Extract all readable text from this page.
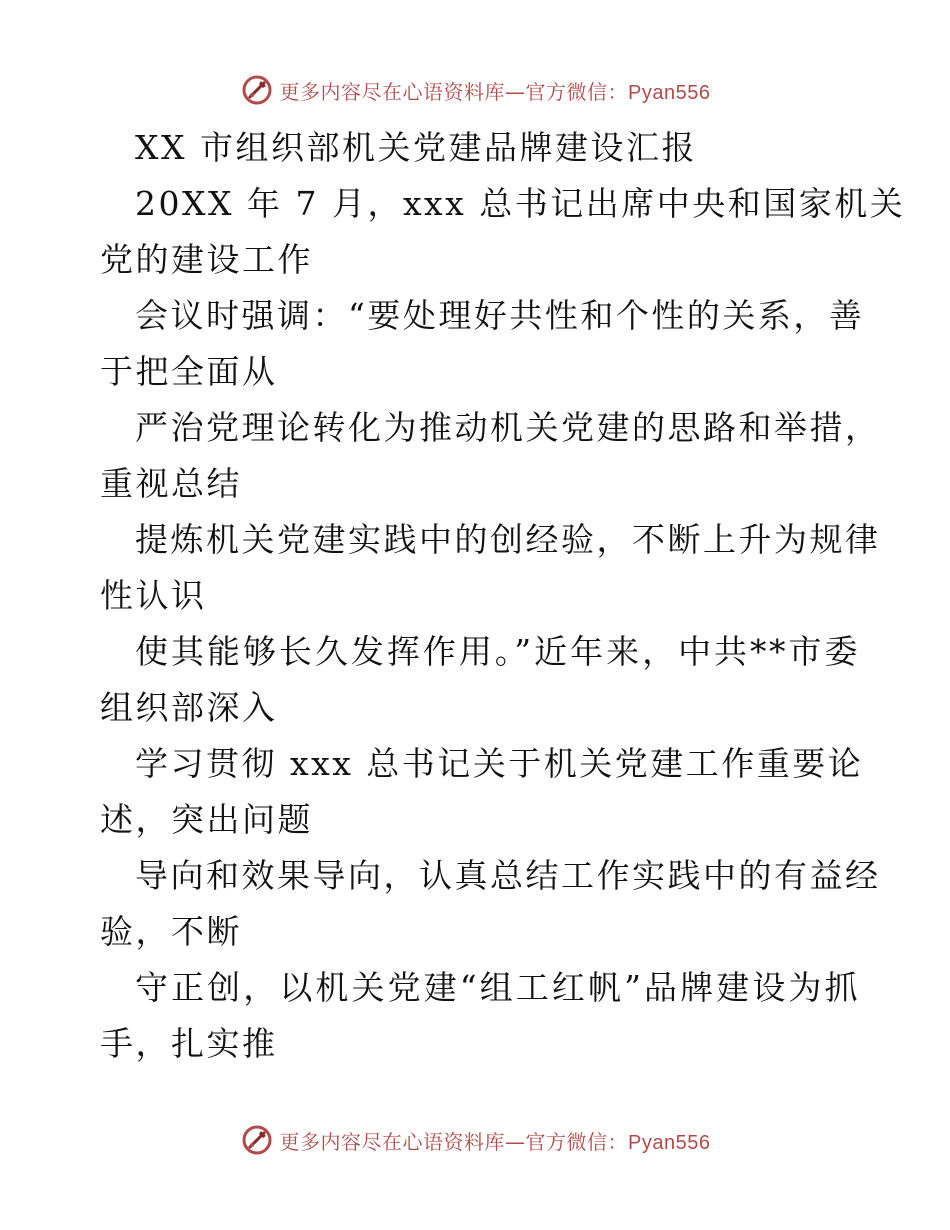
更多内容尽在心语资料库—官方微信：Pyan556
XX 市组织部机关党建品牌建设汇报
20XX 年 7 月，xxx 总书记出席中央和国家机关
党的建设工作
会议时强调：“要处理好共性和个性的关系，善
于把全面从
严治党理论转化为推动机关党建的思路和举措，
重视总结
提炼机关党建实践中的创经验，不断上升为规律
性认识
使其能够长久发挥作用。”近年来，中共**市委
组织部深入
学习贯彻 xxx 总书记关于机关党建工作重要论
述，突出问题
导向和效果导向，认真总结工作实践中的有益经
验，不断
守正创，以机关党建“组工红帆”品牌建设为抓
手，扎实推
更多内容尽在心语资料库—官方微信：Pyan556
